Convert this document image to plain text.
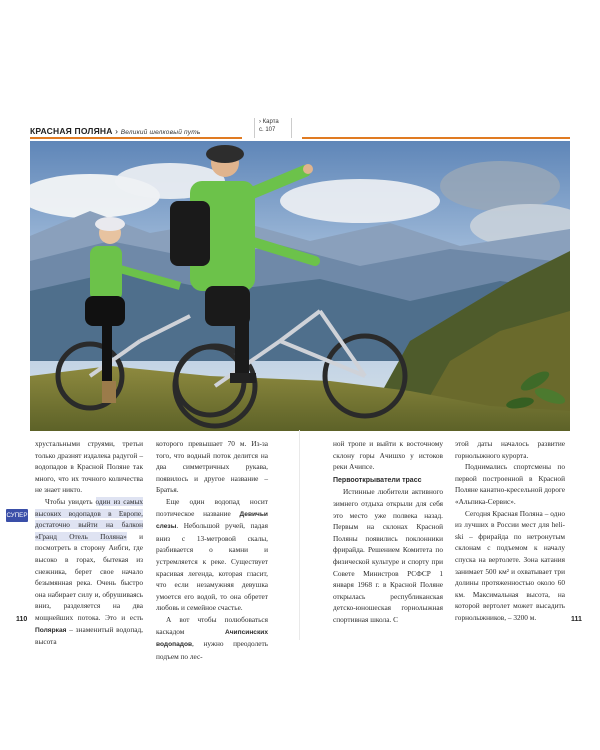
КРАСНАЯ ПОЛЯНА › Великий шелковый путь
› Карта
с. 107
СУПЕР

хрустальными струями, третьи только дразнят издалека радугой – водопадов в Красной Поляне так много, что их точного количества не знает никто.

Чтобы увидеть один из самых высоких водопадов в Европе, достаточно выйти на балкон «Гранд Отель Поляна» и посмотреть в сторону Аибги, где высоко в горах, бытекая из снежника, берет свое начало безымянная река. Очень быстро она набирает силу и, обрушиваясь вниз, разделяется на два мощнейших потока. Это и есть Поляркая – знаменитый водопад, высота

которого превышает 70 м. Из-за того, что водный поток делится на два симметричных рукава, появилось и другое название – Братья.

Еще один водопад носит поэтическое название Девичьи слезы. Небольшой ручей, падая вниз с 13-метровой скалы, разбивается о камни и устремляется к реке. Существует красивая легенда, которая гласит, что если незамужняя девушка умоется его водой, то она обретет любовь и семейное счастье.

А вот чтобы полюбоваться каскадом Ачипсинских водопадов, нужно преодолеть подъем по лес-

ной тропе и выйти к восточному склону горы Ачишхо у истоков реки Ачипсе.

Первооткрыватели трасс

Истинные любители активного зимнего отдыха открыли для себя это место уже полвека назад. Первым на склонах Красной Поляны появились поклонники фрирайда. Решением Комитета по физической культуре и спорту при Совете Министров РСФСР 1 января 1968 г. в Красной Поляне открылась республиканская детско-юношеская горнолыжная спортивная школа. С

этой даты началось развитие горнолыжного курорта.

Поднимались спортсмены по первой построенной в Красной Поляне канатно-кресельной дороге «Альпика-Сервис».

Сегодня Красная Поляна – одно из лучших в России мест для heli-ski – фрирайда по нетронутым склонам с подъемом к началу спуска на вертолете. Зона катания занимает 500 км² и охватывает три долины протяженностью около 60 км. Максимальная высота, на которой вертолет может высадить горнолыжников, – 3200 м.

110	111
